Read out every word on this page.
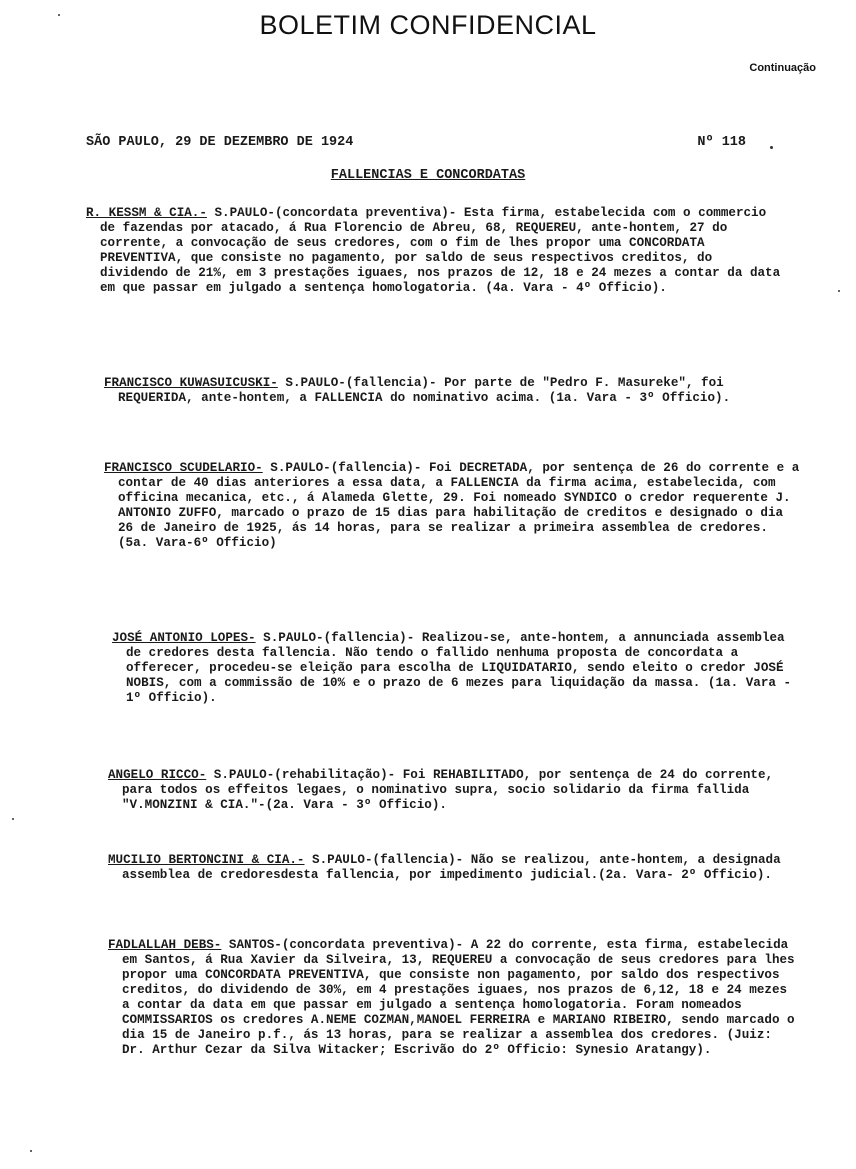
BOLETIM CONFIDENCIAL
Continuação
SÃO PAULO, 29 DE DEZEMBRO DE 1924	Nº 118
FALLENCIAS E CONCORDATAS

R. KESSM & CIA.- S.PAULO-(concordata preventiva)- Esta firma, estabelecida com o commercio de fazendas por atacado, á Rua Florencio de Abreu, 68, REQUEREU, ante-hontem, 27 do corrente, a convocação de seus credores, com o fim de lhes propor uma CONCORDATA PREVENTIVA, que consiste no pagamento, por saldo de seus respectivos creditos, do dividendo de 21%, em 3 prestações iguaes, nos prazos de 12, 18 e 24 mezes a contar da data em que passar em julgado a sentença homologatoria. (4a. Vara - 4º Officio).

FRANCISCO KUWASUICUSKI- S.PAULO-(fallencia)- Por parte de "Pedro F. Masureke", foi REQUERIDA, ante-hontem, a FALLENCIA do nominativo acima. (1a. Vara - 3º Officio).

FRANCISCO SCUDELARIO- S.PAULO-(fallencia)- Foi DECRETADA, por sentença de 26 do corrente e a contar de 40 dias anteriores a essa data, a FALLENCIA da firma acima, estabelecida, com officina mecanica, etc., á Alameda Glette, 29. Foi nomeado SYNDICO o credor requerente J. ANTONIO ZUFFO, marcado o prazo de 15 dias para habilitação de creditos e designado o dia 26 de Janeiro de 1925, ás 14 horas, para se realizar a primeira assemblea de credores. (5a. Vara-6º Officio)

JOSÉ ANTONIO LOPES- S.PAULO-(fallencia)- Realizou-se, ante-hontem, a annunciada assemblea de credores desta fallencia. Não tendo o fallido nenhuma proposta de concordata a offerecer, procedeu-se eleição para escolha de LIQUIDATARIO, sendo eleito o credor JOSÉ NOBIS, com a commissão de 10% e o prazo de 6 mezes para liquidação da massa. (1a. Vara - 1º Officio).

ANGELO RICCO- S.PAULO-(rehabilitação)- Foi REHABILITADO, por sentença de 24 do corrente, para todos os effeitos legaes, o nominativo supra, socio solidario da firma fallida "V.MONZINI & CIA."-(2a. Vara - 3º Officio).

MUCILIO BERTONCINI & CIA.- S.PAULO-(fallencia)- Não se realizou, ante-hontem, a designada assemblea de credoresdesta fallencia, por impedimento judicial.(2a. Vara- 2º Officio).

FADLALLAH DEBS- SANTOS-(concordata preventiva)- A 22 do corrente, esta firma, estabelecida em Santos, á Rua Xavier da Silveira, 13, REQUEREU a convocação de seus credores para lhes propor uma CONCORDATA PREVENTIVA, que consiste non pagamento, por saldo dos respectivos creditos, do dividendo de 30%, em 4 prestações iguaes, nos prazos de 6,12, 18 e 24 mezes a contar da data em que passar em julgado a sentença homologatoria. Foram nomeados COMMISSARIOS os credores A.NEME COZMAN,MANOEL FERREIRA e MARIANO RIBEIRO, sendo marcado o dia 15 de Janeiro p.f., ás 13 horas, para se realizar a assemblea dos credores. (Juiz: Dr. Arthur Cezar da Silva Witacker; Escrivão do 2º Officio: Synesio Aratangy).
